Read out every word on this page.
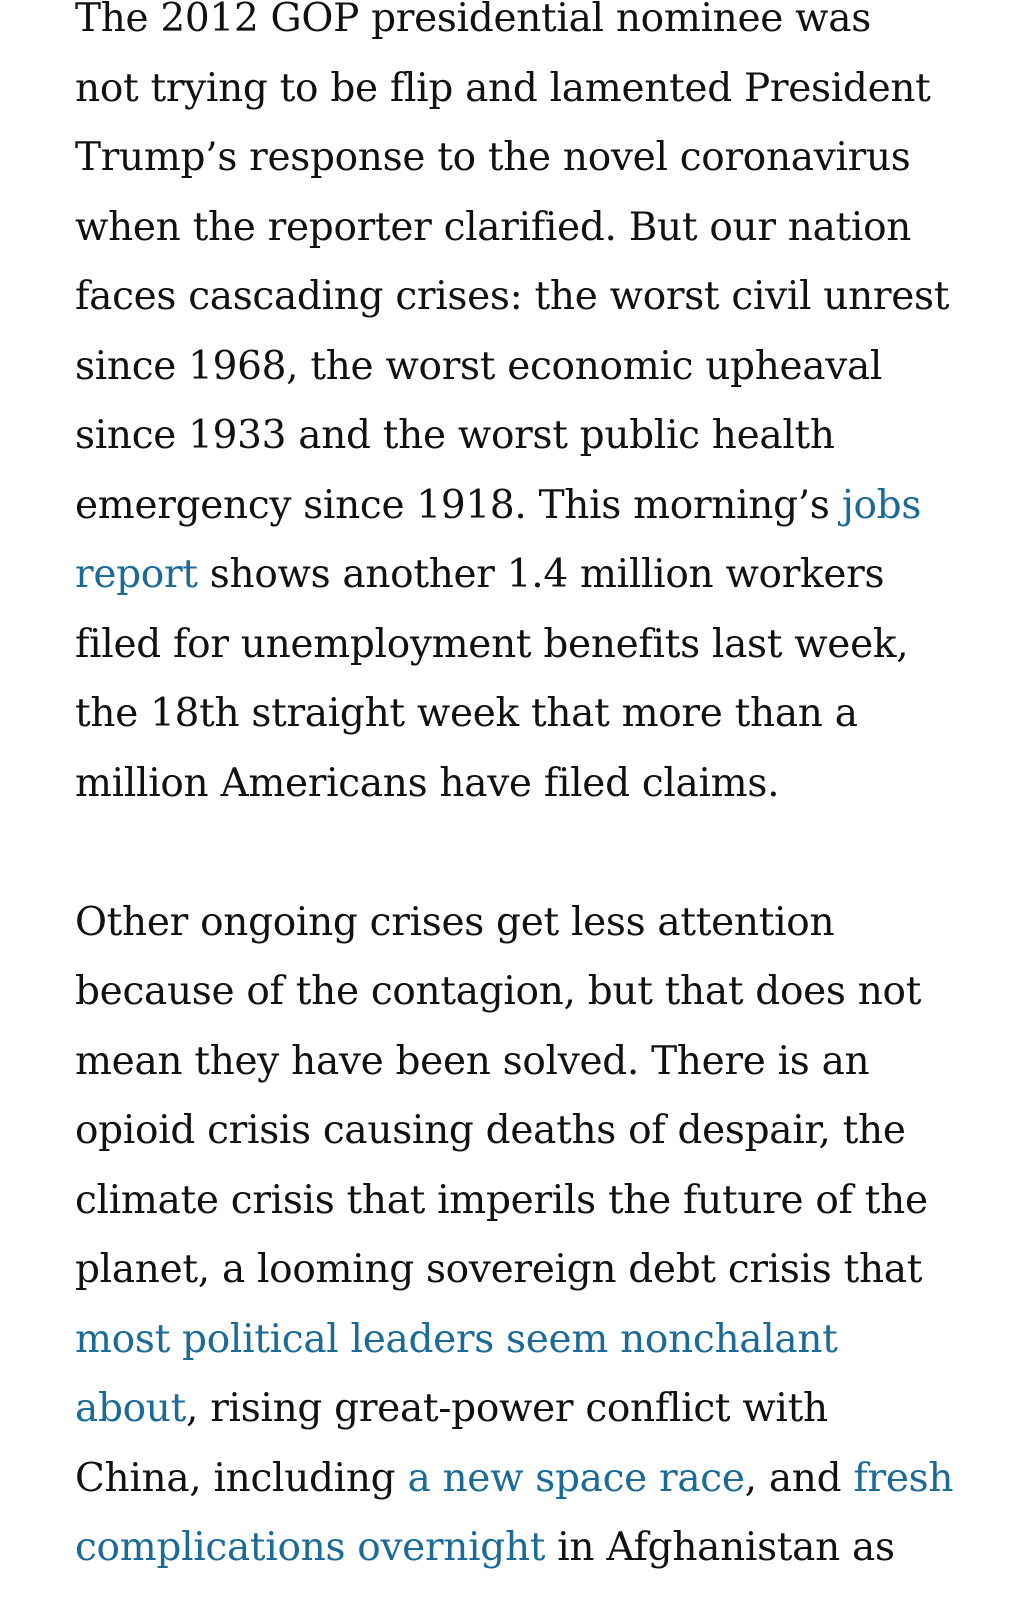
The 2012 GOP presidential nominee was
not trying to be flip and lamented President
Trump’s response to the novel coronavirus
when the reporter clarified. But our nation
faces cascading crises: the worst civil unrest
since 1968, the worst economic upheaval
since 1933 and the worst public health
emergency since 1918. This morning’s jobs
report shows another 1.4 million workers
filed for unemployment benefits last week,
the 18th straight week that more than a
million Americans have filed claims.
Other ongoing crises get less attention
because of the contagion, but that does not
mean they have been solved. There is an
opioid crisis causing deaths of despair, the
climate crisis that imperils the future of the
planet, a looming sovereign debt crisis that
most political leaders seem nonchalant
about, rising great-power conflict with
China, including a new space race, and fresh
complications overnight in Afghanistan as
